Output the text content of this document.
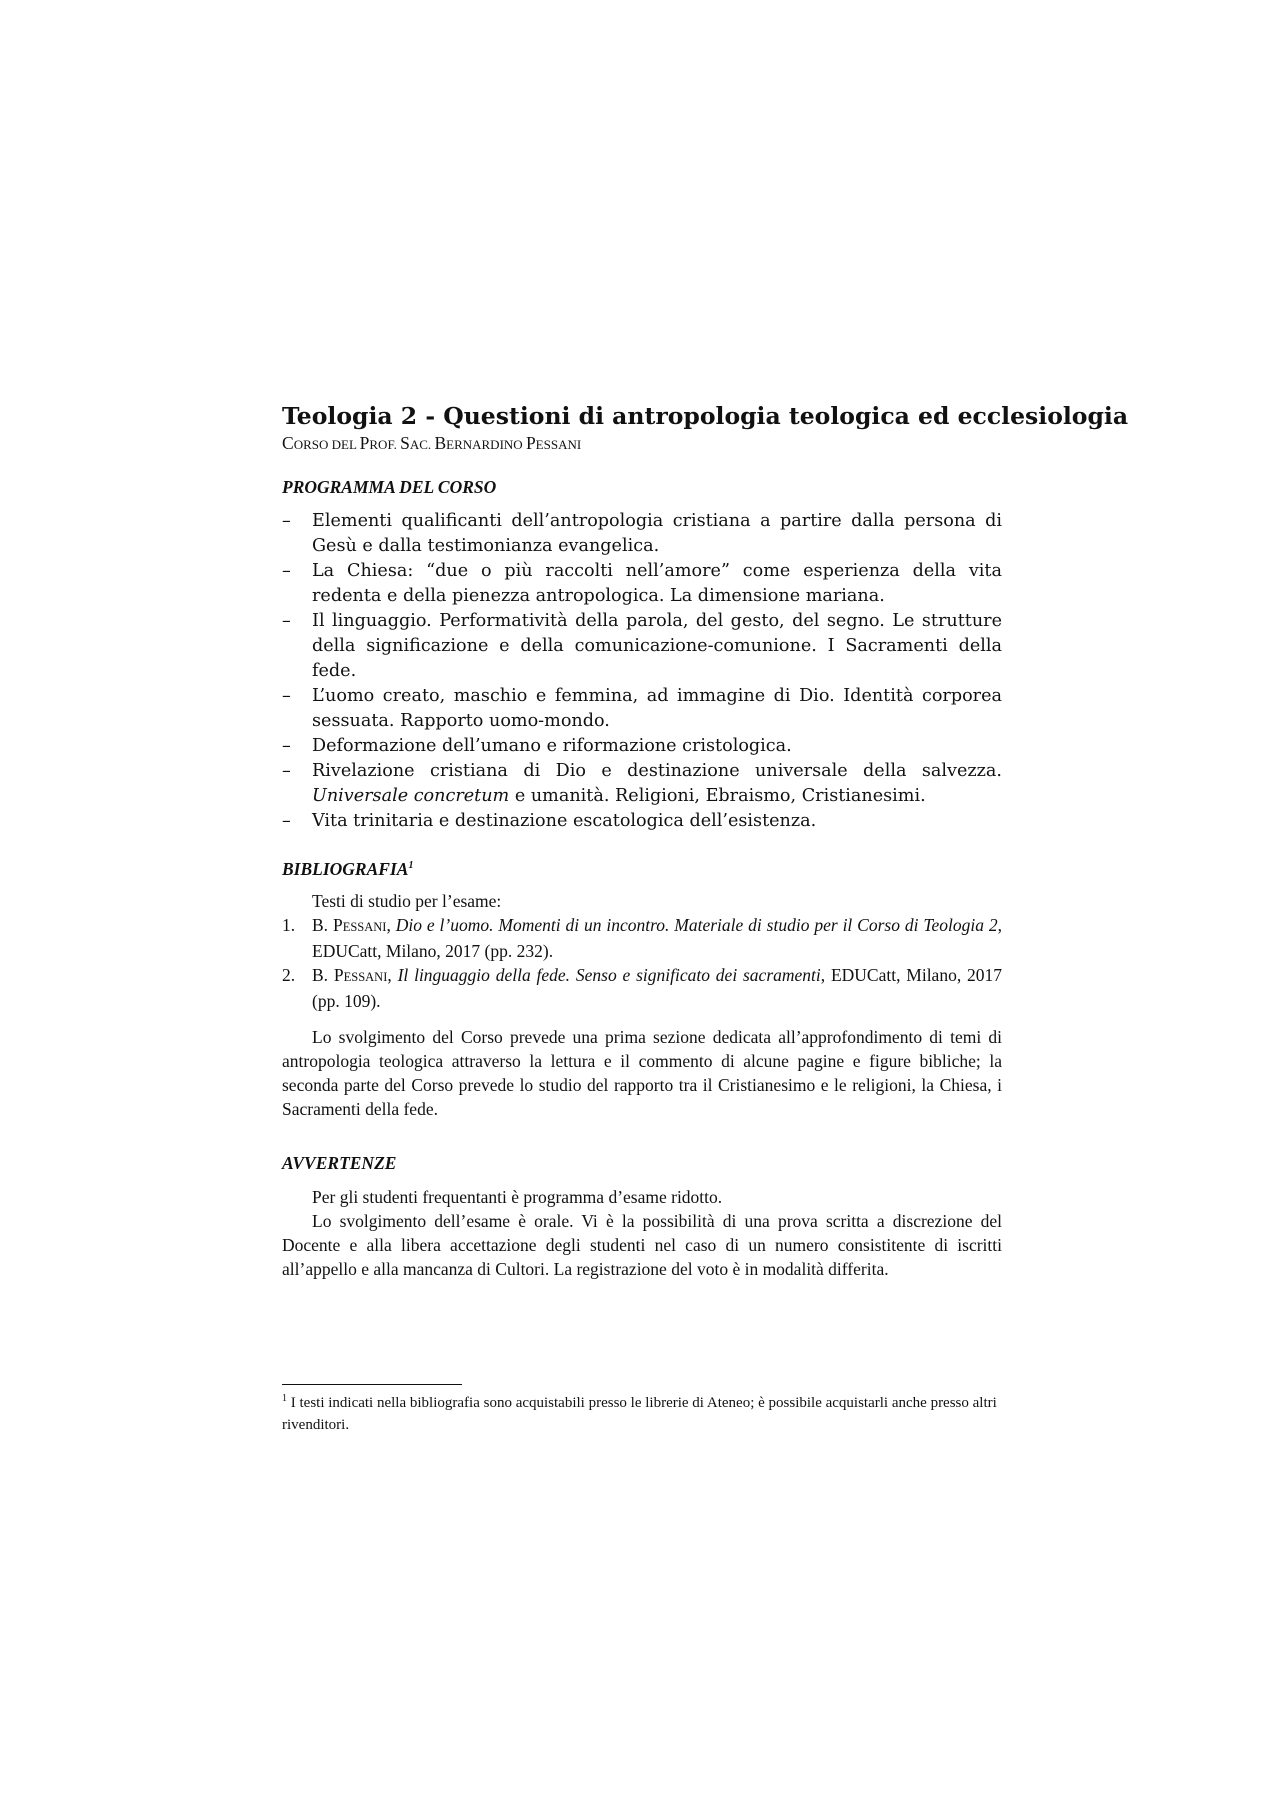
Teologia 2 - Questioni di antropologia teologica ed ecclesiologia

CORSO DEL PROF. SAC. BERNARDINO PESSANI

PROGRAMMA DEL CORSO
– Elementi qualificanti dell’antropologia cristiana a partire dalla persona di Gesù e dalla testimonianza evangelica.
– La Chiesa: “due o più raccolti nell’amore” come esperienza della vita redenta e della pienezza antropologica. La dimensione mariana.
– Il linguaggio. Performatività della parola, del gesto, del segno. Le strutture della significazione e della comunicazione-comunione. I Sacramenti della fede.
– L’uomo creato, maschio e femmina, ad immagine di Dio. Identità corporea sessuata. Rapporto uomo-mondo.
– Deformazione dell’umano e riformazione cristologica.
– Rivelazione cristiana di Dio e destinazione universale della salvezza. Universale concretum e umanità. Religioni, Ebraismo, Cristianesimi.
– Vita trinitaria e destinazione escatologica dell’esistenza.
BIBLIOGRAFIA$^1$

Testi di studio per l’esame:

1. B. PESSANI, Dio e l’uomo. Momenti di un incontro. Materiale di studio per il Corso di Teologia 2, EDUCatt, Milano, 2017 (pp. 232).
2. B. PESSANI, Il linguaggio della fede. Senso e significato dei sacramenti, EDUCatt, Milano, 2017 (pp. 109).

Lo svolgimento del Corso prevede una prima sezione dedicata all’approfondimento di temi di antropologia teologica attraverso la lettura e il commento di alcune pagine e figure bibliche; la seconda parte del Corso prevede lo studio del rapporto tra il Cristianesimo e le religioni, la Chiesa, i Sacramenti della fede.

AVVERTENZE

Per gli studenti frequentanti è programma d’esame ridotto.

Lo svolgimento dell’esame è orale. Vi è la possibilità di una prova scritta a discrezione del Docente e alla libera accettazione degli studenti nel caso di un numero consistitente di iscritti all’appello e alla mancanza di Cultori. La registrazione del voto è in modalità differita.

$^1$ I testi indicati nella bibliografia sono acquistabili presso le librerie di Ateneo; è possibile acquistarli anche presso altri rivenditori.
